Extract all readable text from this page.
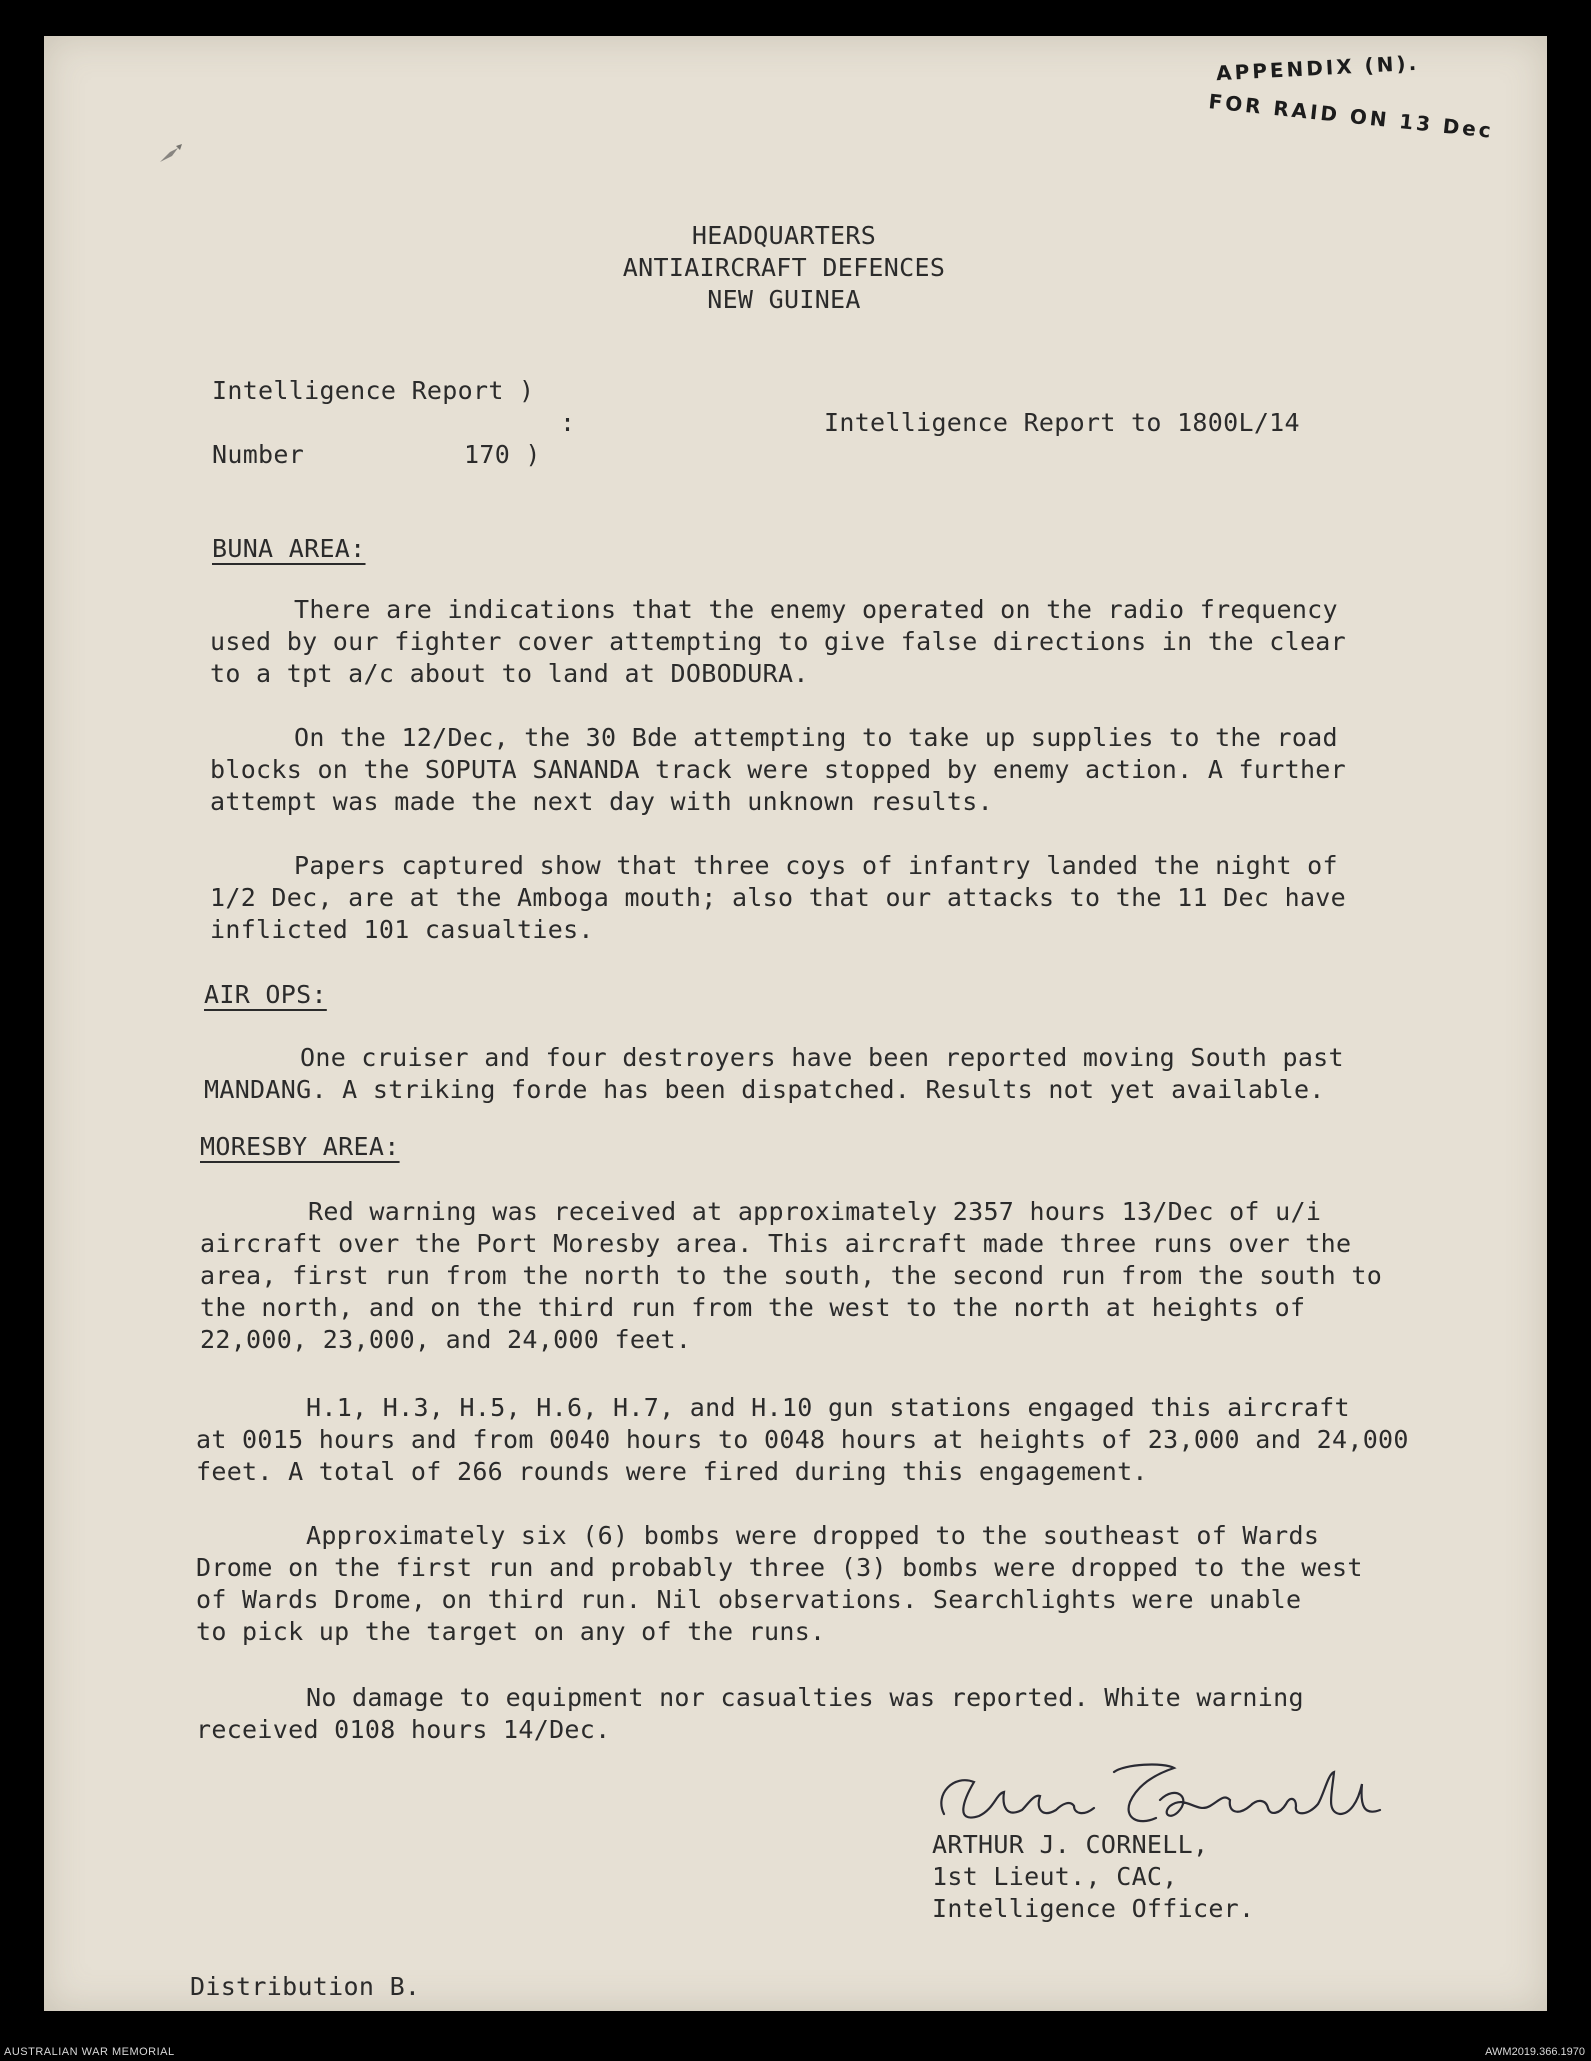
APPENDIX (N).
FOR RAID ON 13 Dec
HEADQUARTERS
ANTIAIRCRAFT DEFENCES
NEW GUINEA
Intelligence Report )
:
Number	170 )
Intelligence Report to 1800L/14
BUNA AREA:
There are indications that the enemy operated on the radio frequency
used by our fighter cover attempting to give false directions in the clear
to a tpt a/c about to land at DOBODURA.
On the 12/Dec, the 30 Bde attempting to take up supplies to the road
blocks on the SOPUTA SANANDA track were stopped by enemy action. A further
attempt was made the next day with unknown results.
Papers captured show that three coys of infantry landed the night of
1/2 Dec, are at the Amboga mouth; also that our attacks to the 11 Dec have
inflicted 101 casualties.
AIR OPS:
One cruiser and four destroyers have been reported moving South past
MANDANG. A striking forde has been dispatched. Results not yet available.
MORESBY AREA:
Red warning was received at approximately 2357 hours 13/Dec of u/i
aircraft over the Port Moresby area. This aircraft made three runs over the
area, first run from the north to the south, the second run from the south to
the north, and on the third run from the west to the north at heights of
22,000, 23,000, and 24,000 feet.
H.1, H.3, H.5, H.6, H.7, and H.10 gun stations engaged this aircraft
at 0015 hours and from 0040 hours to 0048 hours at heights of 23,000 and 24,000
feet. A total of 266 rounds were fired during this engagement.
Approximately six (6) bombs were dropped to the southeast of Wards
Drome on the first run and probably three (3) bombs were dropped to the west
of Wards Drome, on third run. Nil observations. Searchlights were unable
to pick up the target on any of the runs.
No damage to equipment nor casualties was reported. White warning
received 0108 hours 14/Dec.
ARTHUR J. CORNELL,
1st Lieut., CAC,
Intelligence Officer.
Distribution B.
AUSTRALIAN WAR MEMORIAL	AWM2019.366.1970
